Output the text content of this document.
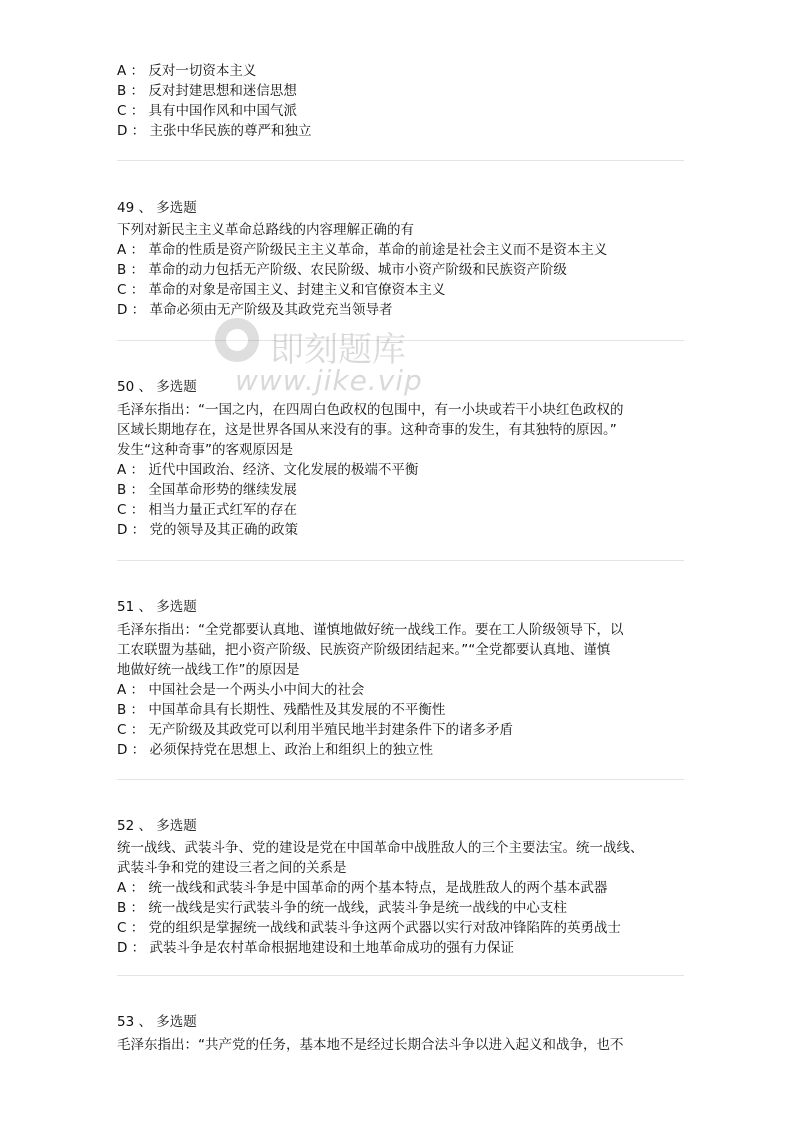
A ： 反对一切资本主义
B ： 反对封建思想和迷信思想
C ： 具有中国作风和中国气派
D ： 主张中华民族的尊严和独立
49 、 多选题
下列对新民主主义革命总路线的内容理解正确的有
A ： 革命的性质是资产阶级民主主义革命，革命的前途是社会主义而不是资本主义
B ： 革命的动力包括无产阶级、农民阶级、城市小资产阶级和民族资产阶级
C ： 革命的对象是帝国主义、封建主义和官僚资本主义
D ： 革命必须由无产阶级及其政党充当领导者
50 、 多选题
毛泽东指出：“一国之内，在四周白色政权的包围中，有一小块或若干小块红色政权的
区域长期地存在，这是世界各国从来没有的事。这种奇事的发生，有其独特的原因。”
发生“这种奇事”的客观原因是
A ： 近代中国政治、经济、文化发展的极端不平衡
B ： 全国革命形势的继续发展
C ： 相当力量正式红军的存在
D ： 党的领导及其正确的政策
51 、 多选题
毛泽东指出：“全党都要认真地、谨慎地做好统一战线工作。要在工人阶级领导下，以
工农联盟为基础，把小资产阶级、民族资产阶级团结起来。”“全党都要认真地、谨慎
地做好统一战线工作”的原因是
A ： 中国社会是一个两头小中间大的社会
B ： 中国革命具有长期性、残酷性及其发展的不平衡性
C ： 无产阶级及其政党可以利用半殖民地半封建条件下的诸多矛盾
D ： 必须保持党在思想上、政治上和组织上的独立性
52 、 多选题
统一战线、武装斗争、党的建设是党在中国革命中战胜敌人的三个主要法宝。统一战线、
武装斗争和党的建设三者之间的关系是
A ： 统一战线和武装斗争是中国革命的两个基本特点，是战胜敌人的两个基本武器
B ： 统一战线是实行武装斗争的统一战线，武装斗争是统一战线的中心支柱
C ： 党的组织是掌握统一战线和武装斗争这两个武器以实行对敌冲锋陷阵的英勇战士
D ： 武装斗争是农村革命根据地建设和土地革命成功的强有力保证
53 、 多选题
毛泽东指出：“共产党的任务，基本地不是经过长期合法斗争以进入起义和战争，也不
即刻题库
www.jike.vip
